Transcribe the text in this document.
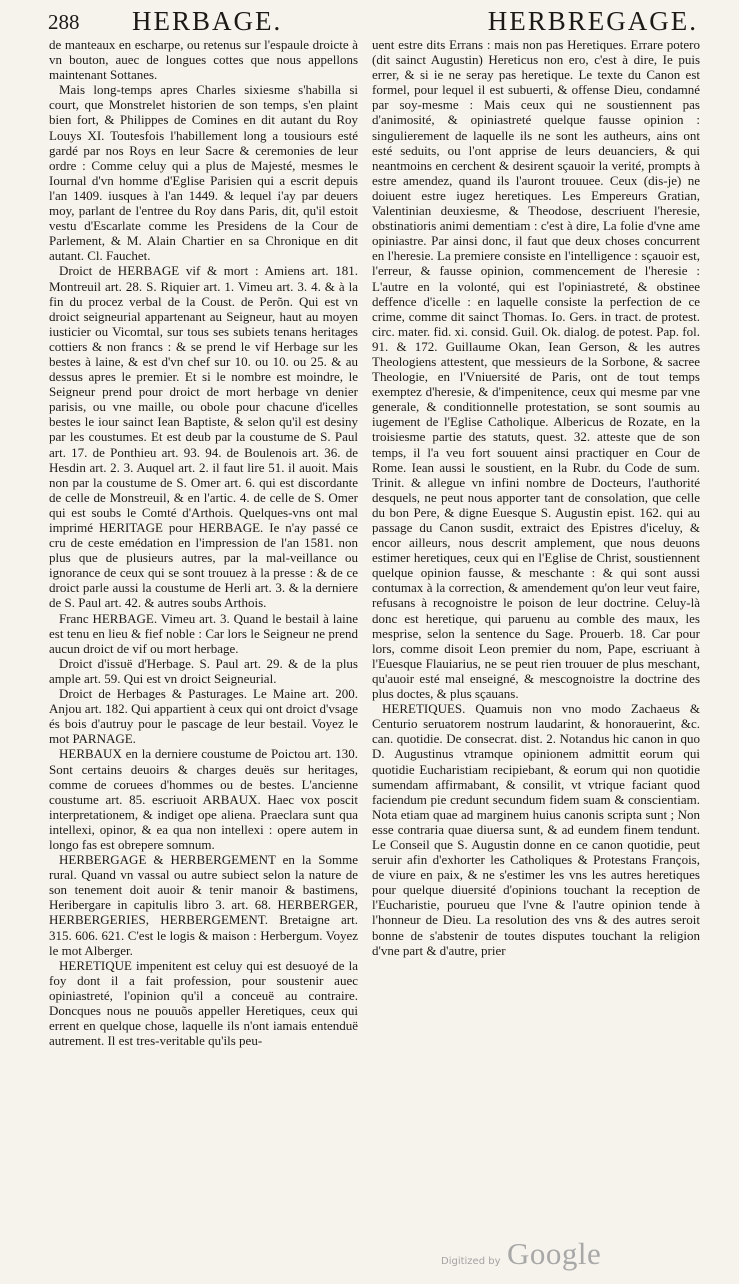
288 HERBAGE.	HERBREGAGE.

de manteaux en escharpe, ou retenus sur l'espaule droicte à vn bouton, auec de longues cottes que nous appellons maintenant Sottanes.

Mais long-temps apres Charles sixiesme s'habilla si court, que Monstrelet historien de son temps, s'en plaint bien fort, & Philippes de Comines en dit autant du Roy Louys XI. Toutesfois l'habillement long a tousiours esté gardé par nos Roys en leur Sacre & ceremonies de leur ordre : Comme celuy qui a plus de Majesté, mesmes le Iournal d'vn homme d'Eglise Parisien qui a escrit depuis l'an 1409. iusques à l'an 1449. & lequel i'ay par deuers moy, parlant de l'entree du Roy dans Paris, dit, qu'il estoit vestu d'Escarlate comme les Presidens de la Cour de Parlement, & M. Alain Chartier en sa Chronique en dit autant. Cl. Fauchet.

Droict de HERBAGE vif & mort : Amiens art. 181. Montreuil art. 28. S. Riquier art. 1. Vimeu art. 3. 4. & à la fin du procez verbal de la Coust. de Perõn. Qui est vn droict seigneurial appartenant au Seigneur, haut au moyen iusticier ou Vicomtal, sur tous ses subiets tenans heritages cottiers & non francs : & se prend le vif Herbage sur les bestes à laine, & est d'vn chef sur 10. ou 10. ou 25. & au dessus apres le premier. Et si le nombre est moindre, le Seigneur prend pour droict de mort herbage vn denier parisis, ou vne maille, ou obole pour chacune d'icelles bestes le iour sainct Iean Baptiste, & selon qu'il est desiny par les coustumes. Et est deub par la coustume de S. Paul art. 17. de Ponthieu art. 93. 94. de Boulenois art. 36. de Hesdin art. 2. 3. Auquel art. 2. il faut lire 51. il auoit. Mais non par la coustume de S. Omer art. 6. qui est discordante de celle de Monstreuil, & en l'artic. 4. de celle de S. Omer qui est soubs le Comté d'Arthois. Quelques-vns ont mal imprimé HERITAGE pour HERBAGE. Ie n'ay passé ce cru de ceste emédation en l'impression de l'an 1581. non plus que de plusieurs autres, par la mal-veillance ou ignorance de ceux qui se sont trouuez à la presse : & de ce droict parle aussi la coustume de Herli art. 3. & la derniere de S. Paul art. 42. & autres soubs Arthois.

Franc HERBAGE. Vimeu art. 3. Quand le bestail à laine est tenu en lieu & fief noble : Car lors le Seigneur ne prend aucun droict de vif ou mort herbage.

Droict d'issuë d'Herbage. S. Paul art. 29. & de la plus ample art. 59. Qui est vn droict Seigneurial.

Droict de Herbages & Pasturages. Le Maine art. 200. Anjou art. 182. Qui appartient à ceux qui ont droict d'vsage és bois d'autruy pour le pascage de leur bestail. Voyez le mot PARNAGE.

HERBAUX en la derniere coustume de Poictou art. 130. Sont certains deuoirs & charges deuës sur heritages, comme de coruees d'hommes ou de bestes. L'ancienne coustume art. 85. escriuoit ARBAUX. Haec vox poscit interpretationem, & indiget ope aliena. Praeclara sunt qua intellexi, opinor, & ea qua non intellexi : opere autem in longo fas est obrepere somnum.

HERBERGAGE & HERBERGEMENT en la Somme rural. Quand vn vassal ou autre subiect selon la nature de son tenement doit auoir & tenir manoir & bastimens, Heribergare in capitulis libro 3. art. 68. HERBERGER, HERBERGERIES, HERBERGEMENT. Bretaigne art. 315. 606. 621. C'est le logis & maison : Herbergum. Voyez le mot Alberger.

HERETIQUE impenitent est celuy qui est desuoyé de la foy dont il a fait profession, pour soustenir auec opiniastreté, l'opinion qu'il a conceuë au contraire. Doncques nous ne pouuõs appeller Heretiques, ceux qui errent en quelque chose, laquelle ils n'ont iamais entenduë autrement. Il est tres-veritable qu'ils peu-

uent estre dits Errans : mais non pas Heretiques. Errare potero (dit sainct Augustin) Hereticus non ero, c'est à dire, Ie puis errer, & si ie ne seray pas heretique. Le texte du Canon est formel, pour lequel il est subuerti, & offense Dieu, condamné par soy-mesme : Mais ceux qui ne soustiennent pas d'animosité, & opiniastreté quelque fausse opinion : singulierement de laquelle ils ne sont les autheurs, ains ont esté seduits, ou l'ont apprise de leurs deuanciers, & qui neantmoins en cerchent & desirent sçauoir la verité, prompts à estre amendez, quand ils l'auront trouuee. Ceux (dis-je) ne doiuent estre iugez heretiques. Les Empereurs Gratian, Valentinian deuxiesme, & Theodose, descriuent l'heresie, obstinatioris animi dementiam : c'est à dire, La folie d'vne ame opiniastre. Par ainsi donc, il faut que deux choses concurrent en l'heresie. La premiere consiste en l'intelligence : sçauoir est, l'erreur, & fausse opinion, commencement de l'heresie : L'autre en la volonté, qui est l'opiniastreté, & obstinee deffence d'icelle : en laquelle consiste la perfection de ce crime, comme dit sainct Thomas. Io. Gers. in tract. de protest. circ. mater. fid. xi. consid. Guil. Ok. dialog. de potest. Pap. fol. 91. & 172. Guillaume Okan, Iean Gerson, & les autres Theologiens attestent, que messieurs de la Sorbone, & sacree Theologie, en l'Vniuersité de Paris, ont de tout temps exemptez d'heresie, & d'impenitence, ceux qui mesme par vne generale, & conditionnelle protestation, se sont soumis au iugement de l'Eglise Catholique. Albericus de Rozate, en la troisiesme partie des statuts, quest. 32. atteste que de son temps, il l'a veu fort souuent ainsi practiquer en Cour de Rome. Iean aussi le soustient, en la Rubr. du Code de sum. Trinit. & allegue vn infini nombre de Docteurs, l'authorité desquels, ne peut nous apporter tant de consolation, que celle du bon Pere, & digne Euesque S. Augustin epist. 162. qui au passage du Canon susdit, extraict des Epistres d'iceluy, & encor ailleurs, nous descrit amplement, que nous deuons estimer heretiques, ceux qui en l'Eglise de Christ, soustiennent quelque opinion fausse, & meschante : & qui sont aussi contumax à la correction, & amendement qu'on leur veut faire, refusans à recognoistre le poison de leur doctrine. Celuy-là donc est heretique, qui paruenu au comble des maux, les mesprise, selon la sentence du Sage. Prouerb. 18. Car pour lors, comme disoit Leon premier du nom, Pape, escriuant à l'Euesque Flauiarius, ne se peut rien trouuer de plus meschant, qu'auoir esté mal enseigné, & mescognoistre la doctrine des plus doctes, & plus sçauans.

HERETIQUES. Quamuis non vno modo Zachaeus & Centurio seruatorem nostrum laudarint, & honorauerint, &c. can. quotidie. De consecrat. dist. 2. Notandus hic canon in quo D. Augustinus vtramque opinionem admittit eorum qui quotidie Eucharistiam recipiebant, & eorum qui non quotidie sumendam affirmabant, & consilit, vt vtrique faciant quod faciendum pie credunt secundum fidem suam & conscientiam. Nota etiam quae ad marginem huius canonis scripta sunt ; Non esse contraria quae diuersa sunt, & ad eundem finem tendunt. Le Conseil que S. Augustin donne en ce canon quotidie, peut seruir afin d'exhorter les Catholiques & Protestans François, de viure en paix, & ne s'estimer les vns les autres heretiques pour quelque diuersité d'opinions touchant la reception de l'Eucharistie, pourueu que l'vne & l'autre opinion tende à l'honneur de Dieu. La resolution des vns & des autres seroit bonne de s'abstenir de toutes disputes touchant la religion d'vne part & d'autre, prier

Digitized by Google
